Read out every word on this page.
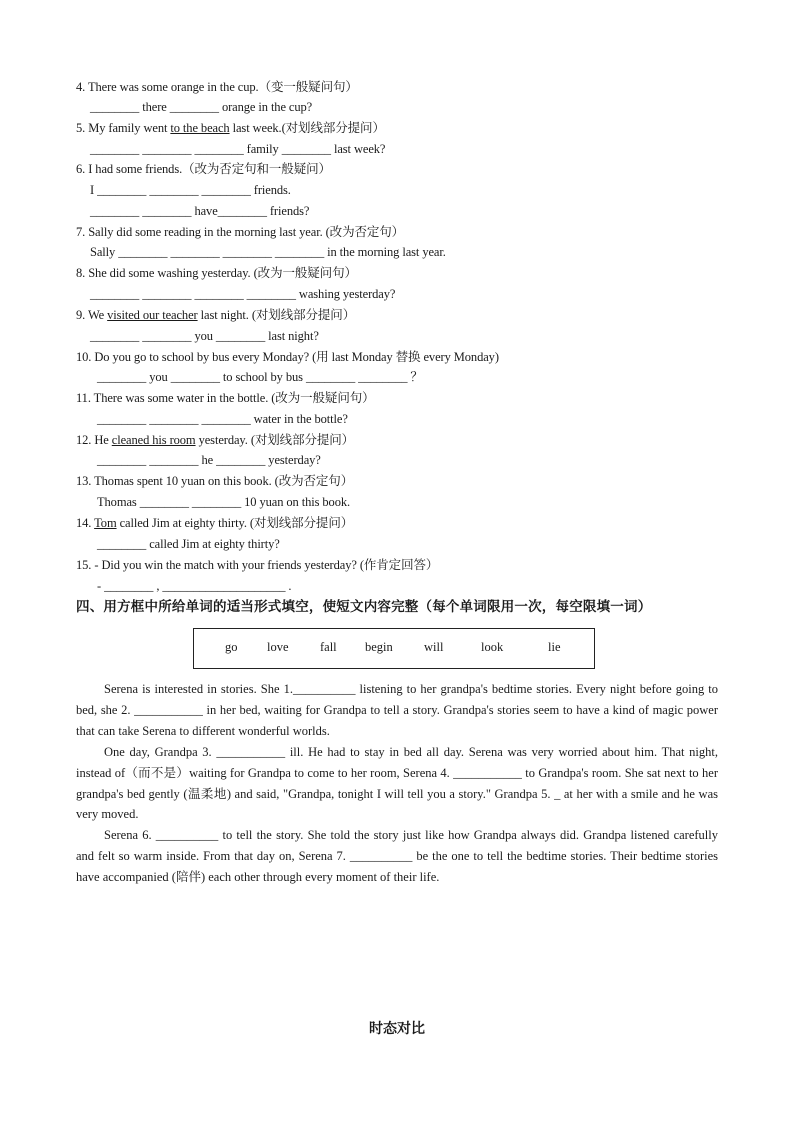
4. There was some orange in the cup.（变一般疑问句）
________ there ________ orange in the cup?
5. My family went to the beach last week.(对划线部分提问）
________ ________ ________ family ________ last week?
6. I had some friends.（改为否定句和一般疑问）
I ________ ________ ________ friends.
________ ________ have________ friends?
7. Sally did some reading in the morning last year. (改为否定句）
Sally ________ ________ ________ ________ in the morning last year.
8. She did some washing yesterday. (改为一般疑问句）
________ ________ ________ ________ washing yesterday?
9. We visited our teacher last night. (对划线部分提问）
________ ________ you ________ last night?
10. Do you go to school by bus every Monday? (用 last Monday 替换 every Monday)
________ you ________ to school by bus ________ ________ ？
11. There was some water in the bottle. (改为一般疑问句）
________ ________ ________ water in the bottle?
12. He cleaned his room yesterday. (对划线部分提问）
________ ________ he ________ yesterday?
13. Thomas spent 10 yuan on this book. (改为否定句）
Thomas ________ ________ 10 yuan on this book.
14. Tom called Jim at eighty thirty. (对划线部分提问）
________ called Jim at eighty thirty?
15. - Did you win the match with your friends yesterday? (作肯定回答）
- ________ , ____________________ .
四、用方框中所给单词的适当形式填空，使短文内容完整（每个单词限用一次，每空限填一词）
go love	fall begin will	look	lie
Serena is interested in stories. She 1.__________ listening to her grandpa's bedtime stories. Every night before going to bed, she 2. ___________ in her bed, waiting for Grandpa to tell a story. Grandpa's stories seem to have a kind of magic power that can take Serena to different wonderful worlds.
One day, Grandpa 3. ___________ ill. He had to stay in bed all day. Serena was very worried about him. That night, instead of（而不是）waiting for Grandpa to come to her room, Serena 4. ___________ to Grandpa's room. She sat next to her grandpa's bed gently (温柔地) and said, "Grandpa, tonight I will tell you a story." Grandpa 5. _ at her with a smile and he was very moved.
Serena 6. __________ to tell the story. She told the story just like how Grandpa always did. Grandpa listened carefully and felt so warm inside. From that day on, Serena 7. __________ be the one to tell the bedtime stories. Their bedtime stories have accompanied (陪伴) each other through every moment of their life.
时态对比
